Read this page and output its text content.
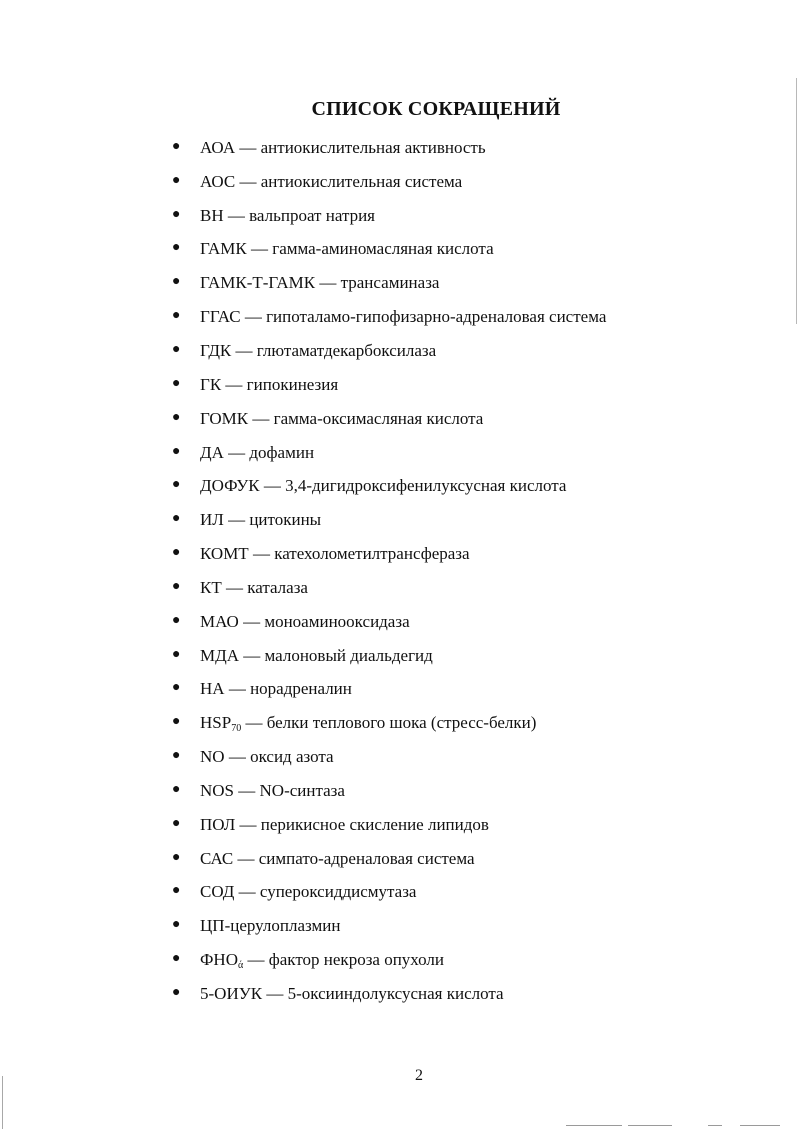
СПИСОК СОКРАЩЕНИЙ
●	АОА — антиокислительная активность
●	АОС — антиокислительная система
●	ВН — вальпроат натрия
●	ГАМК — гамма-аминомасляная кислота
●	ГАМК-Т-ГАМК — трансаминаза
●	ГГАС — гипоталамо-гипофизарно-адреналовая система
●	ГДК — глютаматдекарбоксилаза
●	ГК — гипокинезия
●	ГОМК — гамма-оксимасляная кислота
●	ДА — дофамин
●	ДОФУК — 3,4-дигидроксифенилуксусная кислота
●	ИЛ — цитокины
●	КОМТ — катехолометилтрансфераза
●	КТ — каталаза
●	МАО — моноаминооксидаза
●	МДА — малоновый диальдегид
●	НА — норадреналин
●	$HSP_{70}$ — белки теплового шока (стресс-белки)
●	NO — оксид азота
●	NOS — NO-синтаза
●	ПОЛ — перикисное скисление липидов
●	САС — симпато-адреналовая система
●	СОД — супероксиддисмутаза
●	ЦП - церулоплазмин
●	$ФНО_ά$ — фактор некроза опухоли
●	5-ОИУК — 5-оксииндолуксусная кислота
2
